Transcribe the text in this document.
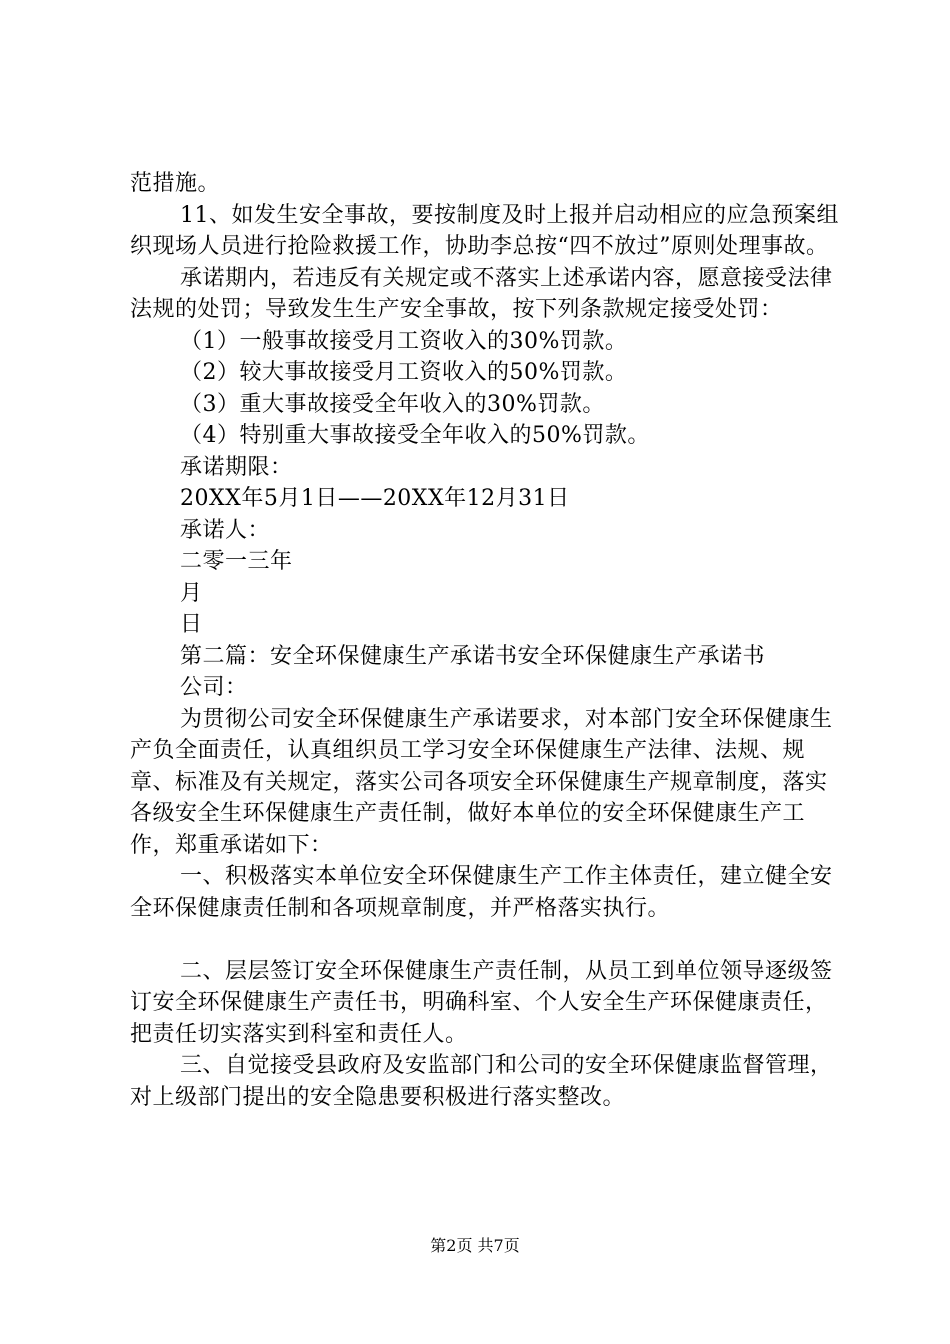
范措施。

11、如发生安全事故，要按制度及时上报并启动相应的应急预案组织现场人员进行抢险救援工作，协助李总按“四不放过”原则处理事故。

承诺期内，若违反有关规定或不落实上述承诺内容，愿意接受法律法规的处罚；导致发生生产安全事故，按下列条款规定接受处罚：

（1）一般事故接受月工资收入的30%罚款。

（2）较大事故接受月工资收入的50%罚款。

（3）重大事故接受全年收入的30%罚款。

（4）特别重大事故接受全年收入的50%罚款。

承诺期限：

20XX年5月1日——20XX年12月31日

承诺人：

二零一三年

月

日

第二篇：安全环保健康生产承诺书安全环保健康生产承诺书

公司：

为贯彻公司安全环保健康生产承诺要求，对本部门安全环保健康生产负全面责任，认真组织员工学习安全环保健康生产法律、法规、规章、标准及有关规定，落实公司各项安全环保健康生产规章制度，落实各级安全生环保健康生产责任制，做好本单位的安全环保健康生产工作，郑重承诺如下：

一、积极落实本单位安全环保健康生产工作主体责任，建立健全安全环保健康责任制和各项规章制度，并严格落实执行。

二、层层签订安全环保健康生产责任制，从员工到单位领导逐级签订安全环保健康生产责任书，明确科室、个人安全生产环保健康责任，把责任切实落实到科室和责任人。

三、自觉接受县政府及安监部门和公司的安全环保健康监督管理，对上级部门提出的安全隐患要积极进行落实整改。

第2页 共7页
